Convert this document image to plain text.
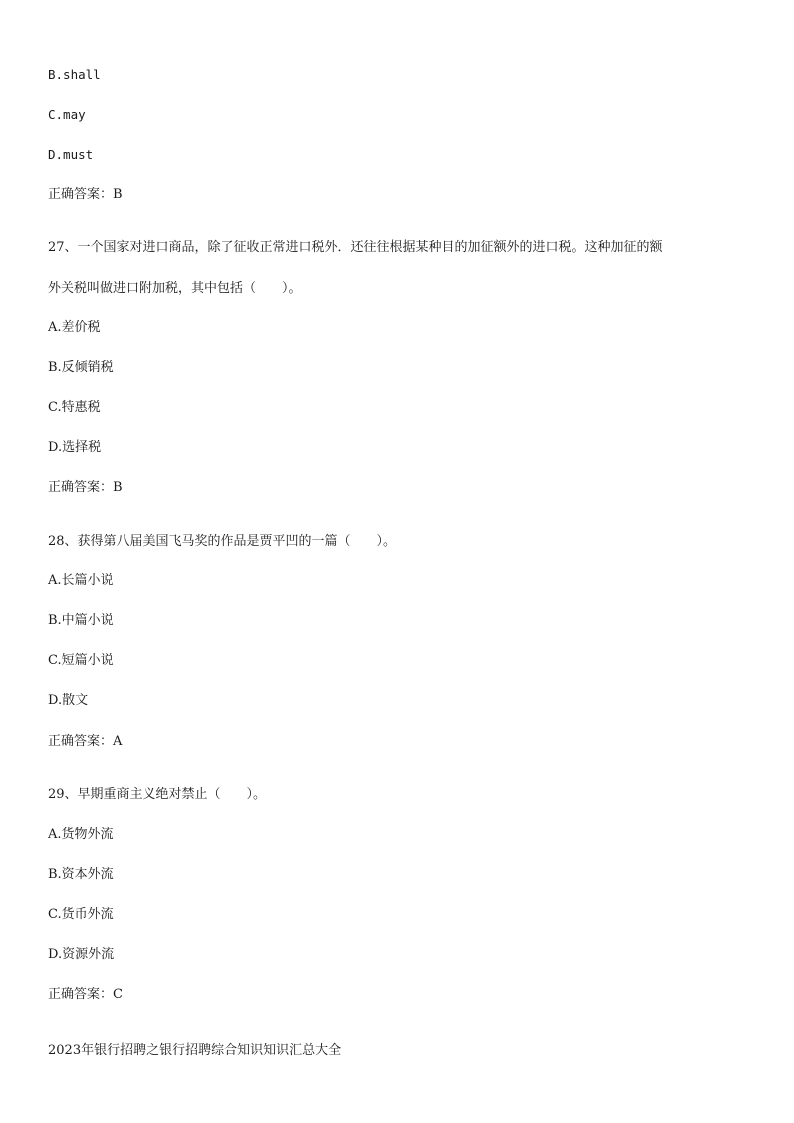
B.shall
C.may
D.must
正确答案：B
27、一个国家对进口商品，除了征收正常进口税外．还往往根据某种目的加征额外的进口税。这种加征的额
外关税叫做进口附加税，其中包括（　　）。
A.差价税
B.反倾销税
C.特惠税
D.选择税
正确答案：B
28、获得第八届美国飞马奖的作品是贾平凹的一篇（　　）。
A.长篇小说
B.中篇小说
C.短篇小说
D.散文
正确答案：A
29、早期重商主义绝对禁止（　　）。
A.货物外流
B.资本外流
C.货币外流
D.资源外流
正确答案：C
2023年银行招聘之银行招聘综合知识知识汇总大全
